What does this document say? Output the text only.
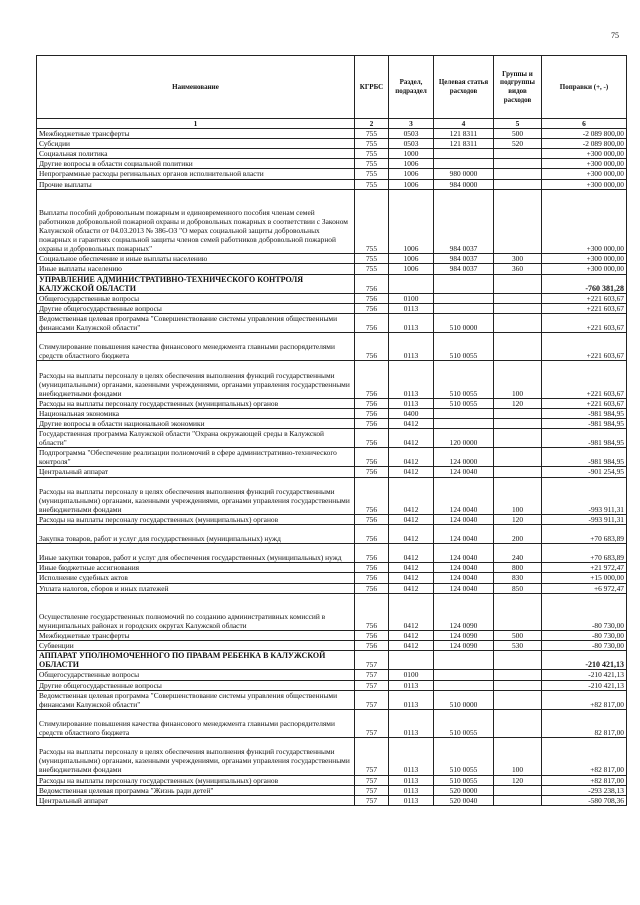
75
Наименование	КГРБС	Раздел, подраздел	Целевая статья расходов	Группы и подгруппы видов расходов	Поправки (+, -)
1	2	3	4	5	6
Межбюджетные трансферты	755	0503	121 8311	500	-2 089 800,00
Субсидии	755	0503	121 8311	520	-2 089 800,00
Социальная политика	755	1000			+300 000,00
Другие вопросы в области социальной политики	755	1006			+300 000,00
Непрограммные расходы регинальных органов исполнительной власти	755	1006	980 0000		+300 000,00
Прочие выплаты	755	1006	984 0000		+300 000,00
Выплаты пособий добровольным пожарным и единовременного пособия членам семей работников добровольной пожарной охраны и добровольных пожарных в соответствии с Законом Калужской области от 04.03.2013 № 386-ОЗ "О мерах социальной защиты добровольных пожарных и гарантиях социальной защиты членов семей работников добровольной пожарной охраны и добровольных пожарных"	755	1006	984 0037		+300 000,00
Социальное обеспечение и иные выплаты населению	755	1006	984 0037	300	+300 000,00
Иные выплаты населению	755	1006	984 0037	360	+300 000,00
УПРАВЛЕНИЕ АДМИНИСТРАТИВНО-ТЕХНИЧЕСКОГО КОНТРОЛЯ КАЛУЖСКОЙ ОБЛАСТИ	756				-760 381,28
Общегосударственные вопросы	756	0100			+221 603,67
Другие общегосударственные вопросы	756	0113			+221 603,67
Ведомственная целевая программа "Совершенствование системы управления общественными финансами Калужской области"	756	0113	510 0000		+221 603,67
Стимулирование повышения качества финансового менеджмента главными распорядителями средств областного бюджета	756	0113	510 0055		+221 603,67
Расходы на выплаты персоналу в целях обеспечения выполнения функций государственными (муниципальными) органами, казенными учреждениями, органами управления государственными внебюджетными фондами	756	0113	510 0055	100	+221 603,67
Расходы на выплаты персоналу государственных (муниципальных) органов	756	0113	510 0055	120	+221 603,67
Национальная экономика	756	0400			-981 984,95
Другие вопросы в области национальной экономики	756	0412			-981 984,95
Государственная программа Калужской области "Охрана окружающей среды в Калужской области"	756	0412	120 0000		-981 984,95
Подпрограмма "Обеспечение реализации полномочий в сфере административно-технического контроля"	756	0412	124 0000		-981 984,95
Центральный аппарат	756	0412	124 0040		-901 254,95
Расходы на выплаты персоналу в целях обеспечения выполнения функций государственными (муниципальными) органами, казенными учреждениями, органами управления государственными внебюджетными фондами	756	0412	124 0040	100	-993 911,31
Расходы на выплаты персоналу государственных (муниципальных) органов	756	0412	124 0040	120	-993 911,31
Закупка товаров, работ и услуг для государственных (муниципальных) нужд	756	0412	124 0040	200	+70 683,89
Иные закупки товаров, работ и услуг для обеспечения государственных (муниципальных) нужд	756	0412	124 0040	240	+70 683,89
Иные бюджетные ассигнования	756	0412	124 0040	800	+21 972,47
Исполнение судебных актов	756	0412	124 0040	830	+15 000,00
Уплата налогов, сборов и иных платежей	756	0412	124 0040	850	+6 972,47
Осуществление государственных полномочий по созданию административных комиссий в муниципальных районах и городских округах Калужской области	756	0412	124 0090		-80 730,00
Межбюджетные трансферты	756	0412	124 0090	500	-80 730,00
Субвенции	756	0412	124 0090	530	-80 730,00
АППАРАТ УПОЛНОМОЧЕННОГО ПО ПРАВАМ РЕБЕНКА В КАЛУЖСКОЙ ОБЛАСТИ	757				-210 421,13
Общегосударственные вопросы	757	0100			-210 421,13
Другие общегосударственные вопросы	757	0113			-210 421,13
Ведомственная целевая программа "Совершенствование системы управления общественными финансами Калужской области"	757	0113	510 0000		+82 817,00
Стимулирование повышения качества финансового менеджмента главными распорядителями средств областного бюджета	757	0113	510 0055		82 817,00
Расходы на выплаты персоналу в целях обеспечения выполнения функций государственными (муниципальными) органами, казенными учреждениями, органами управления государственными внебюджетными фондами	757	0113	510 0055	100	+82 817,00
Расходы на выплаты персоналу государственных (муниципальных) органов	757	0113	510 0055	120	+82 817,00
Ведомственная целевая программа "Жизнь ради детей"	757	0113	520 0000		-293 238,13
Центральный аппарат	757	0113	520 0040		-580 708,36
